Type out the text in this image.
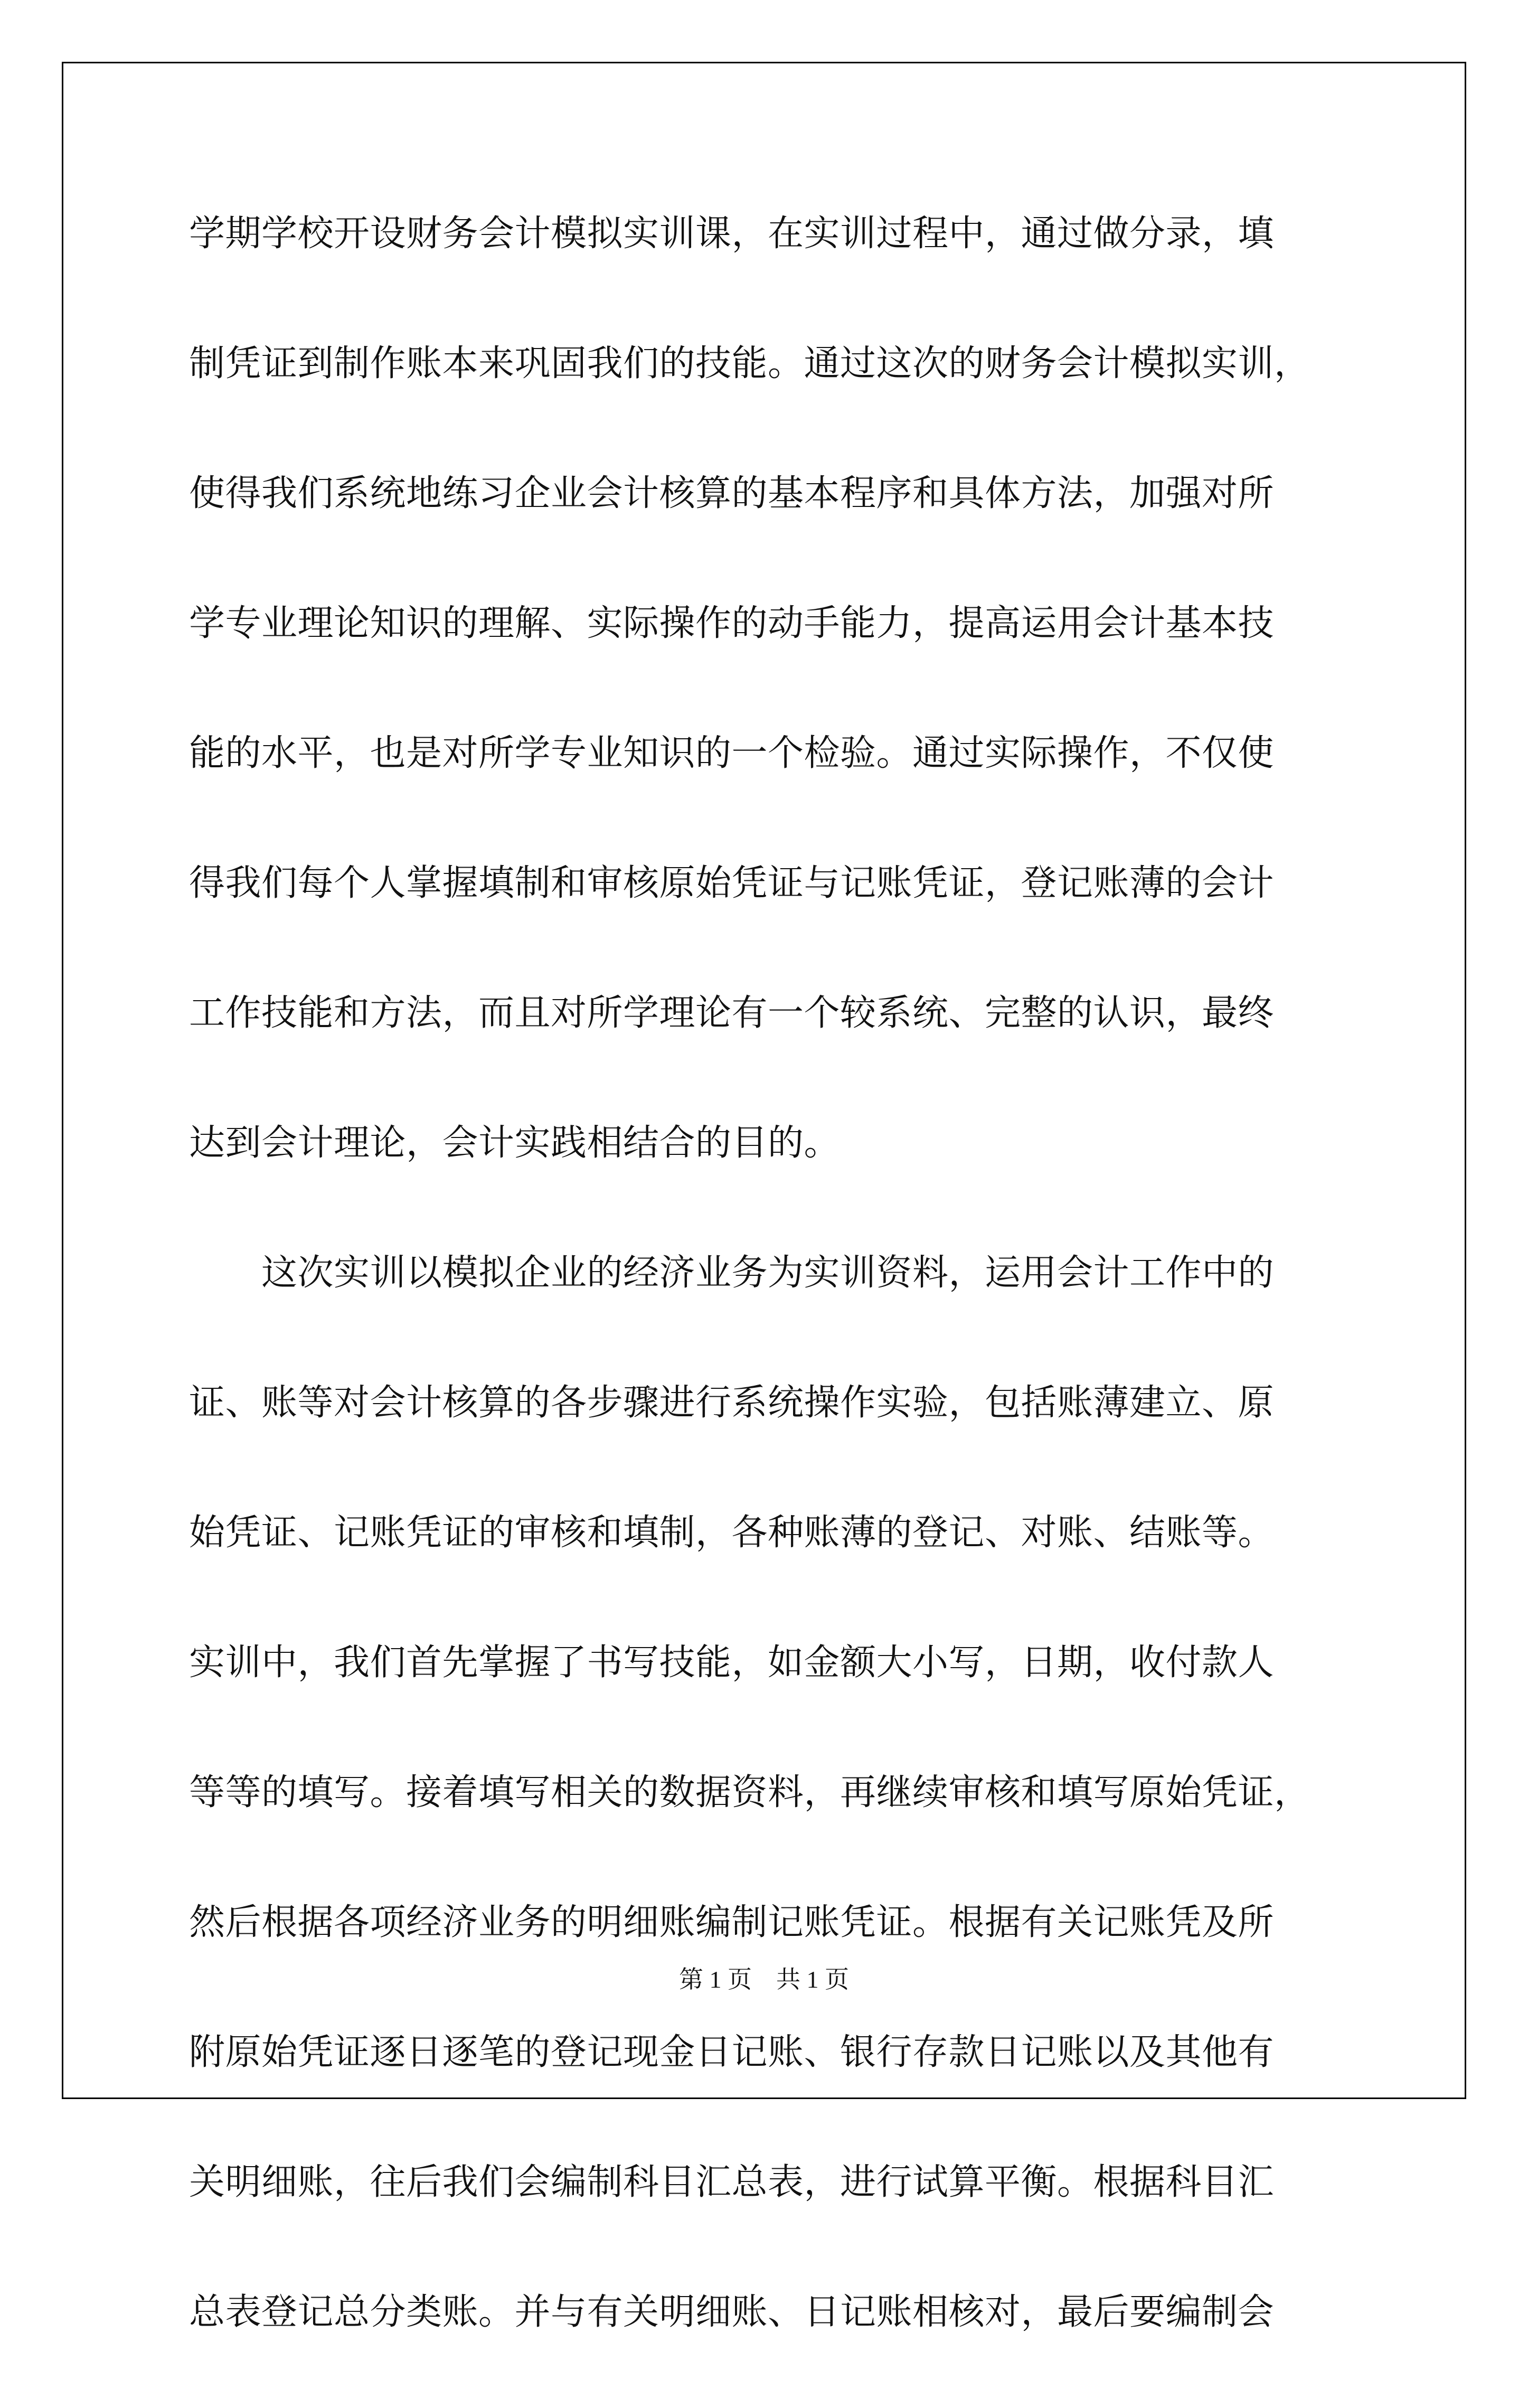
学期学校开设财务会计模拟实训课，在实训过程中，通过做分录，填
制凭证到制作账本来巩固我们的技能。通过这次的财务会计模拟实训，
使得我们系统地练习企业会计核算的基本程序和具体方法，加强对所
学专业理论知识的理解、实际操作的动手能力，提高运用会计基本技
能的水平，也是对所学专业知识的一个检验。通过实际操作，不仅使
得我们每个人掌握填制和审核原始凭证与记账凭证，登记账薄的会计
工作技能和方法，而且对所学理论有一个较系统、完整的认识，最终
达到会计理论，会计实践相结合的目的。
　　这次实训以模拟企业的经济业务为实训资料，运用会计工作中的
证、账等对会计核算的各步骤进行系统操作实验，包括账薄建立、原
始凭证、记账凭证的审核和填制，各种账薄的登记、对账、结账等。
实训中，我们首先掌握了书写技能，如金额大小写，日期，收付款人
等等的填写。接着填写相关的数据资料，再继续审核和填写原始凭证，
然后根据各项经济业务的明细账编制记账凭证。根据有关记账凭及所
附原始凭证逐日逐笔的登记现金日记账、银行存款日记账以及其他有
关明细账，往后我们会编制科目汇总表，进行试算平衡。根据科目汇
总表登记总分类账。并与有关明细账、日记账相核对，最后要编制会
第 1 页　共 1 页
